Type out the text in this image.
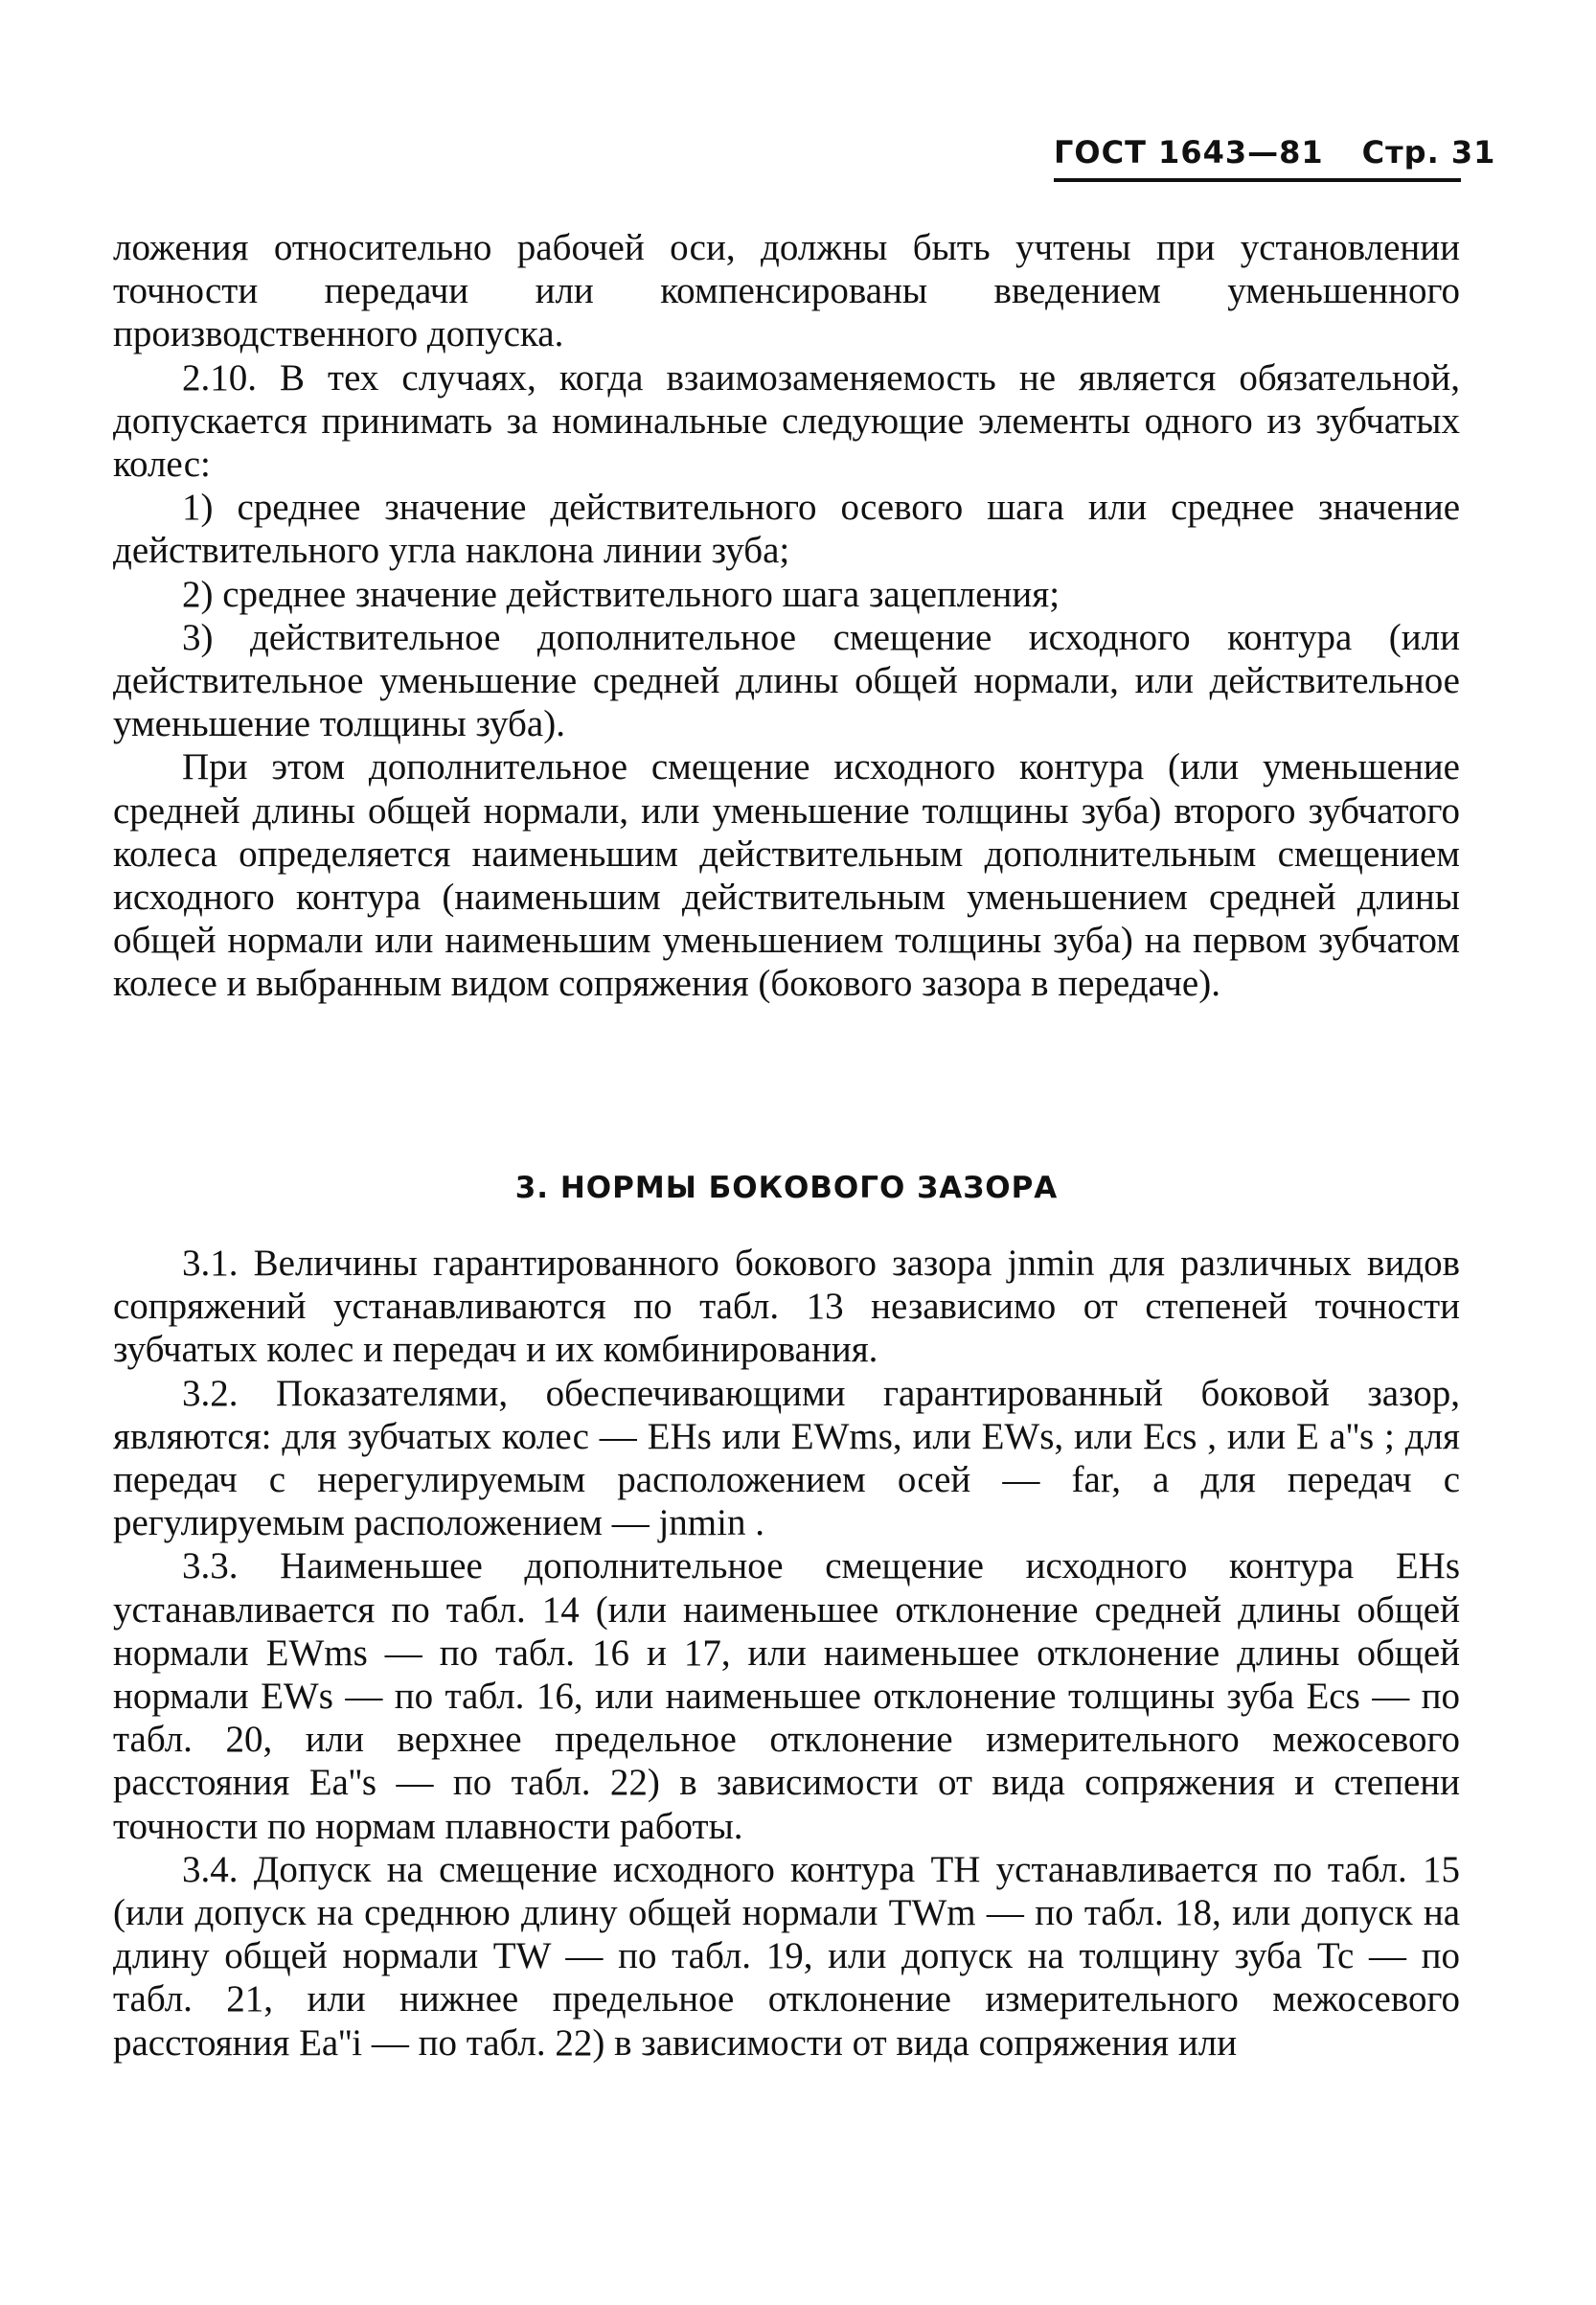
ГОСТ 1643—81 Стр. 31

ложения относительно рабочей оси, должны быть учтены при установлении точности передачи или компенсированы введением уменьшенного производственного допуска.

2.10. В тех случаях, когда взаимозаменяемость не является обязательной, допускается принимать за номинальные следующие элементы одного из зубчатых колес:

1) среднее значение действительного осевого шага или среднее значение действительного угла наклона линии зуба;

2) среднее значение действительного шага зацепления;

3) действительное дополнительное смещение исходного контура (или действительное уменьшение средней длины общей нормали, или действительное уменьшение толщины зуба).

При этом дополнительное смещение исходного контура (или уменьшение средней длины общей нормали, или уменьшение толщины зуба) второго зубчатого колеса определяется наименьшим действительным дополнительным смещением исходного контура (наименьшим действительным уменьшением средней длины общей нормали или наименьшим уменьшением толщины зуба) на первом зубчатом колесе и выбранным видом сопряжения (бокового зазора в передаче).

3. НОРМЫ БОКОВОГО ЗАЗОРА

3.1. Величины гарантированного бокового зазора jnmin для различных видов сопряжений устанавливаются по табл. 13 независимо от степеней точности зубчатых колес и передач и их комбинирования.

3.2. Показателями, обеспечивающими гарантированный боковой зазор, являются: для зубчатых колес — EHs или EWms, или EWs, или Ecs , или E a''s ; для передач с нерегулируемым расположением осей — far, а для передач с регулируемым расположением — jnmin .

3.3. Наименьшее дополнительное смещение исходного контура EHs устанавливается по табл. 14 (или наименьшее отклонение средней длины общей нормали EWms — по табл. 16 и 17, или наименьшее отклонение длины общей нормали EWs — по табл. 16, или наименьшее отклонение толщины зуба Ecs — по табл. 20, или верхнее предельное отклонение измерительного межосевого расстояния Ea''s — по табл. 22) в зависимости от вида сопряжения и степени точности по нормам плавности работы.

3.4. Допуск на смещение исходного контура TH устанавливается по табл. 15 (или допуск на среднюю длину общей нормали TWm — по табл. 18, или допуск на длину общей нормали TW — по табл. 19, или допуск на толщину зуба Tc — по табл. 21, или нижнее предельное отклонение измерительного межосевого расстояния Ea''i — по табл. 22) в зависимости от вида сопряжения или
